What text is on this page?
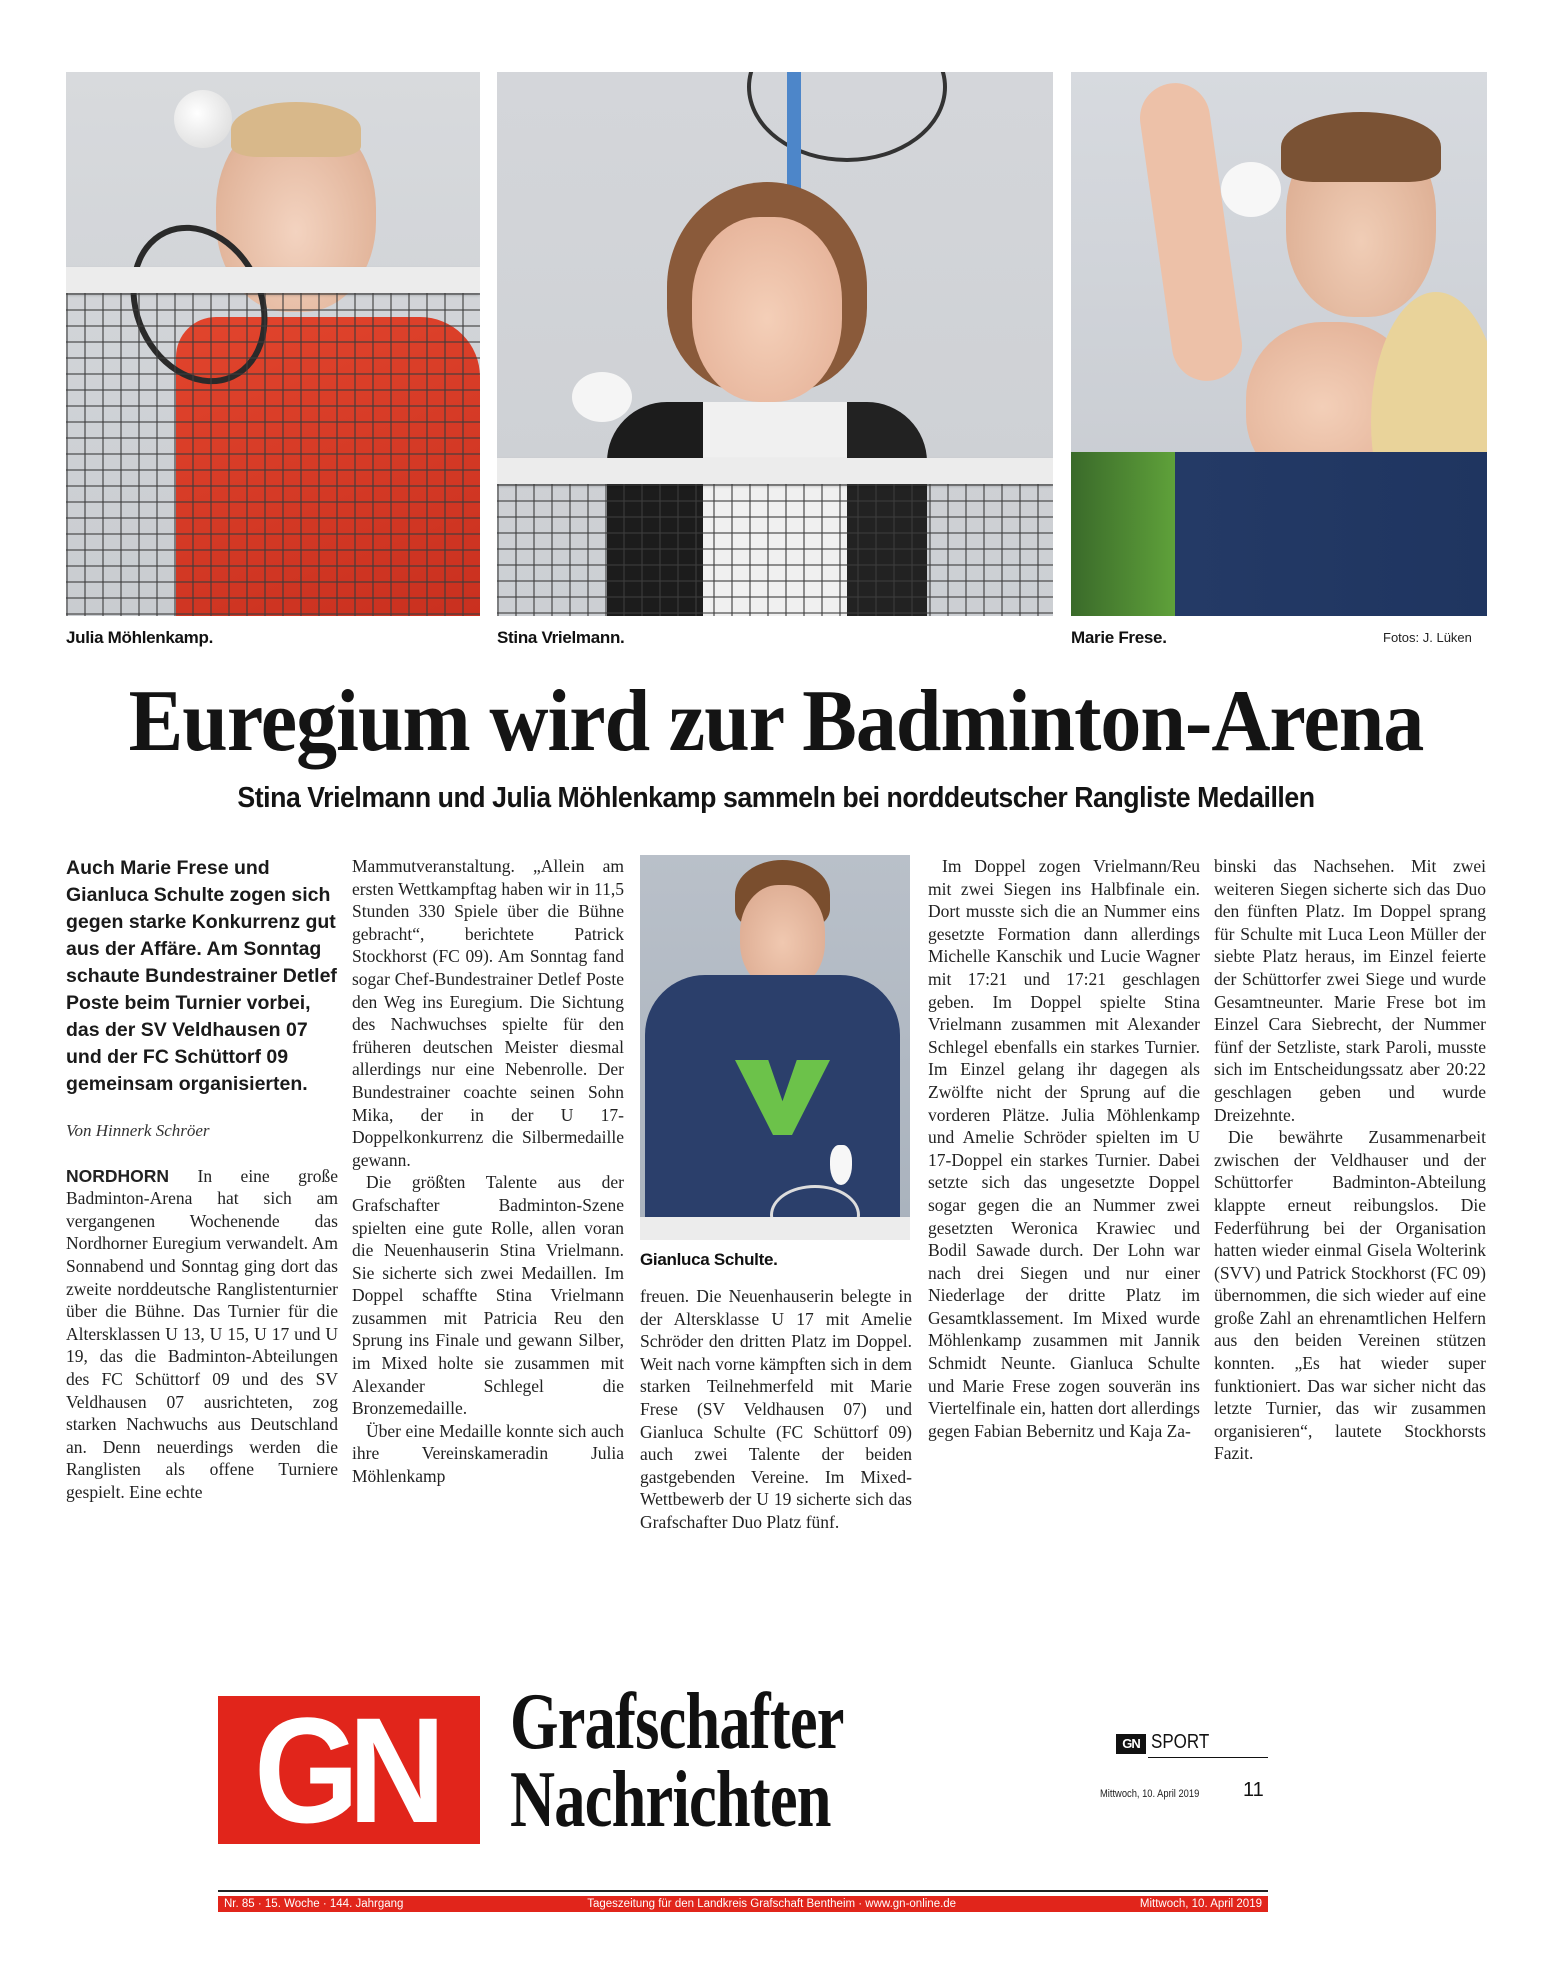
Julia Möhlenkamp.	Stina Vrielmann.	Marie Frese.	Fotos: J. Lüken
Euregium wird zur Badminton-Arena
Stina Vrielmann und Julia Möhlenkamp sammeln bei norddeutscher Rangliste Medaillen

Auch Marie Frese und Gianluca Schulte zogen sich gegen starke Konkurrenz gut aus der Affäre. Am Sonntag schaute Bundestrainer Detlef Poste beim Turnier vorbei, das der SV Veldhausen 07 und der FC Schüttorf 09 gemeinsam organisierten.

Von Hinnerk Schröer

NORDHORN In eine große Badminton-Arena hat sich am vergangenen Wochenende das Nordhorner Euregium verwandelt. Am Sonnabend und Sonntag ging dort das zweite norddeutsche Ranglistenturnier über die Bühne. Das Turnier für die Altersklassen U 13, U 15, U 17 und U 19, das die Badminton-Abteilungen des FC Schüttorf 09 und des SV Veldhausen 07 ausrichteten, zog starken Nachwuchs aus Deutschland an. Denn neuerdings werden die Ranglisten als offene Turniere gespielt. Eine echte

Mammutveranstaltung. „Allein am ersten Wettkampftag haben wir in 11,5 Stunden 330 Spiele über die Bühne gebracht“, berichtete Patrick Stockhorst (FC 09). Am Sonntag fand sogar Chef-Bundestrainer Detlef Poste den Weg ins Euregium. Die Sichtung des Nachwuchses spielte für den früheren deutschen Meister diesmal allerdings nur eine Nebenrolle. Der Bundestrainer coachte seinen Sohn Mika, der in der U 17-Doppelkonkurrenz die Silbermedaille gewann.

Die größten Talente aus der Grafschafter Badminton-Szene spielten eine gute Rolle, allen voran die Neuenhauserin Stina Vrielmann. Sie sicherte sich zwei Medaillen. Im Doppel schaffte Stina Vrielmann zusammen mit Patricia Reu den Sprung ins Finale und gewann Silber, im Mixed holte sie zusammen mit Alexander Schlegel die Bronzemedaille.

Über eine Medaille konnte sich auch ihre Vereinskameradin Julia Möhlenkamp

Gianluca Schulte.

freuen. Die Neuenhauserin belegte in der Altersklasse U 17 mit Amelie Schröder den dritten Platz im Doppel. Weit nach vorne kämpften sich in dem starken Teilnehmerfeld mit Marie Frese (SV Veldhausen 07) und Gianluca Schulte (FC Schüttorf 09) auch zwei Talente der beiden gastgebenden Vereine. Im Mixed-Wettbewerb der U 19 sicherte sich das Grafschafter Duo Platz fünf.

Im Doppel zogen Vrielmann/Reu mit zwei Siegen ins Halbfinale ein. Dort musste sich die an Nummer eins gesetzte Formation dann allerdings Michelle Kanschik und Lucie Wagner mit 17:21 und 17:21 geschlagen geben. Im Doppel spielte Stina Vrielmann zusammen mit Alexander Schlegel ebenfalls ein starkes Turnier. Im Einzel gelang ihr dagegen als Zwölfte nicht der Sprung auf die vorderen Plätze. Julia Möhlenkamp und Amelie Schröder spielten im U 17-Doppel ein starkes Turnier. Dabei setzte sich das ungesetzte Doppel sogar gegen die an Nummer zwei gesetzten Weronica Krawiec und Bodil Sawade durch. Der Lohn war nach drei Siegen und nur einer Niederlage der dritte Platz im Gesamtklassement. Im Mixed wurde Möhlenkamp zusammen mit Jannik Schmidt Neunte. Gianluca Schulte und Marie Frese zogen souverän ins Viertelfinale ein, hatten dort allerdings gegen Fabian Bebernitz und Kaja Za-

binski das Nachsehen. Mit zwei weiteren Siegen sicherte sich das Duo den fünften Platz. Im Doppel sprang für Schulte mit Luca Leon Müller der siebte Platz heraus, im Einzel feierte der Schüttorfer zwei Siege und wurde Gesamtneunter. Marie Frese bot im Einzel Cara Siebrecht, der Nummer fünf der Setzliste, stark Paroli, musste sich im Entscheidungssatz aber 20:22 geschlagen geben und wurde Dreizehnte.

Die bewährte Zusammenarbeit zwischen der Veldhauser und der Schüttorfer Badminton-Abteilung klappte erneut reibungslos. Die Federführung bei der Organisation hatten wieder einmal Gisela Wolterink (SVV) und Patrick Stockhorst (FC 09) übernommen, die sich wieder auf eine große Zahl an ehrenamtlichen Helfern aus den beiden Vereinen stützen konnten. „Es hat wieder super funktioniert. Das war sicher nicht das letzte Turnier, das wir zusammen organisieren“, lautete Stockhorsts Fazit.

GN Grafschafter
Nachrichten
GN SPORT
Mittwoch, 10. April 2019 11
Nr. 85 · 15. Woche · 144. Jahrgang	Tageszeitung für den Landkreis Grafschaft Bentheim · www.gn-online.de	Mittwoch, 10. April 2019
